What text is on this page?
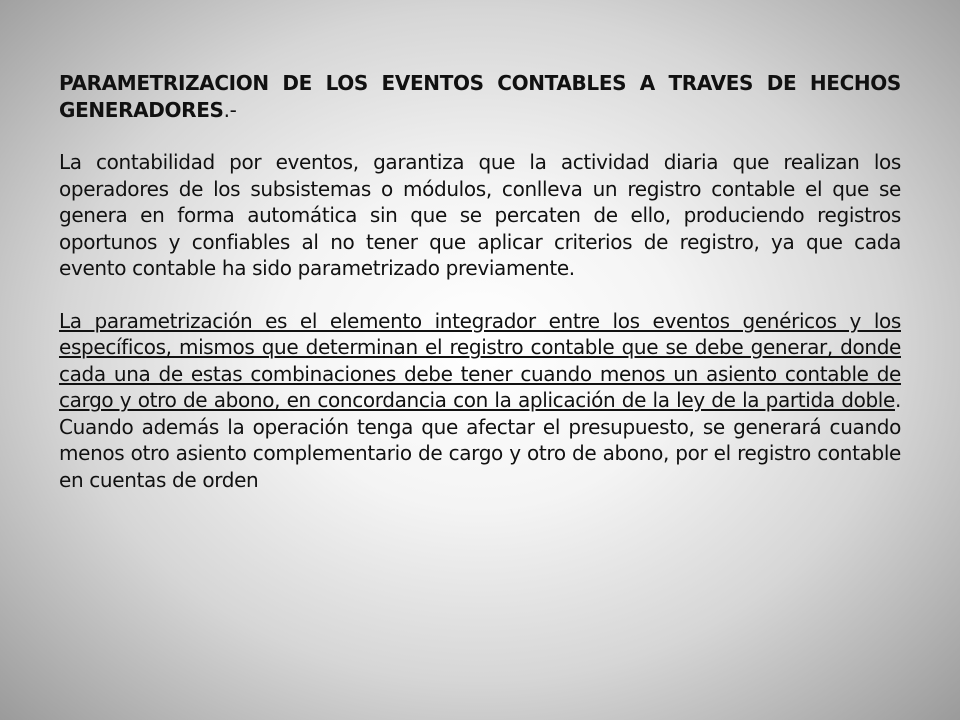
PARAMETRIZACION DE LOS EVENTOS CONTABLES A TRAVES DE HECHOS GENERADORES.-

La contabilidad por eventos, garantiza que la actividad diaria que realizan los operadores de los subsistemas o módulos, conlleva un registro contable el que se genera en forma automática sin que se percaten de ello, produciendo registros oportunos y confiables al no tener que aplicar criterios de registro, ya que cada evento contable ha sido parametrizado previamente.

La parametrización es el elemento integrador entre los eventos genéricos y los específicos, mismos que determinan el registro contable que se debe generar, donde cada una de estas combinaciones debe tener cuando menos un asiento contable de cargo y otro de abono, en concordancia con la aplicación de la ley de la partida doble. Cuando además la operación tenga que afectar el presupuesto, se generará cuando menos otro asiento complementario de cargo y otro de abono, por el registro contable en cuentas de orden
